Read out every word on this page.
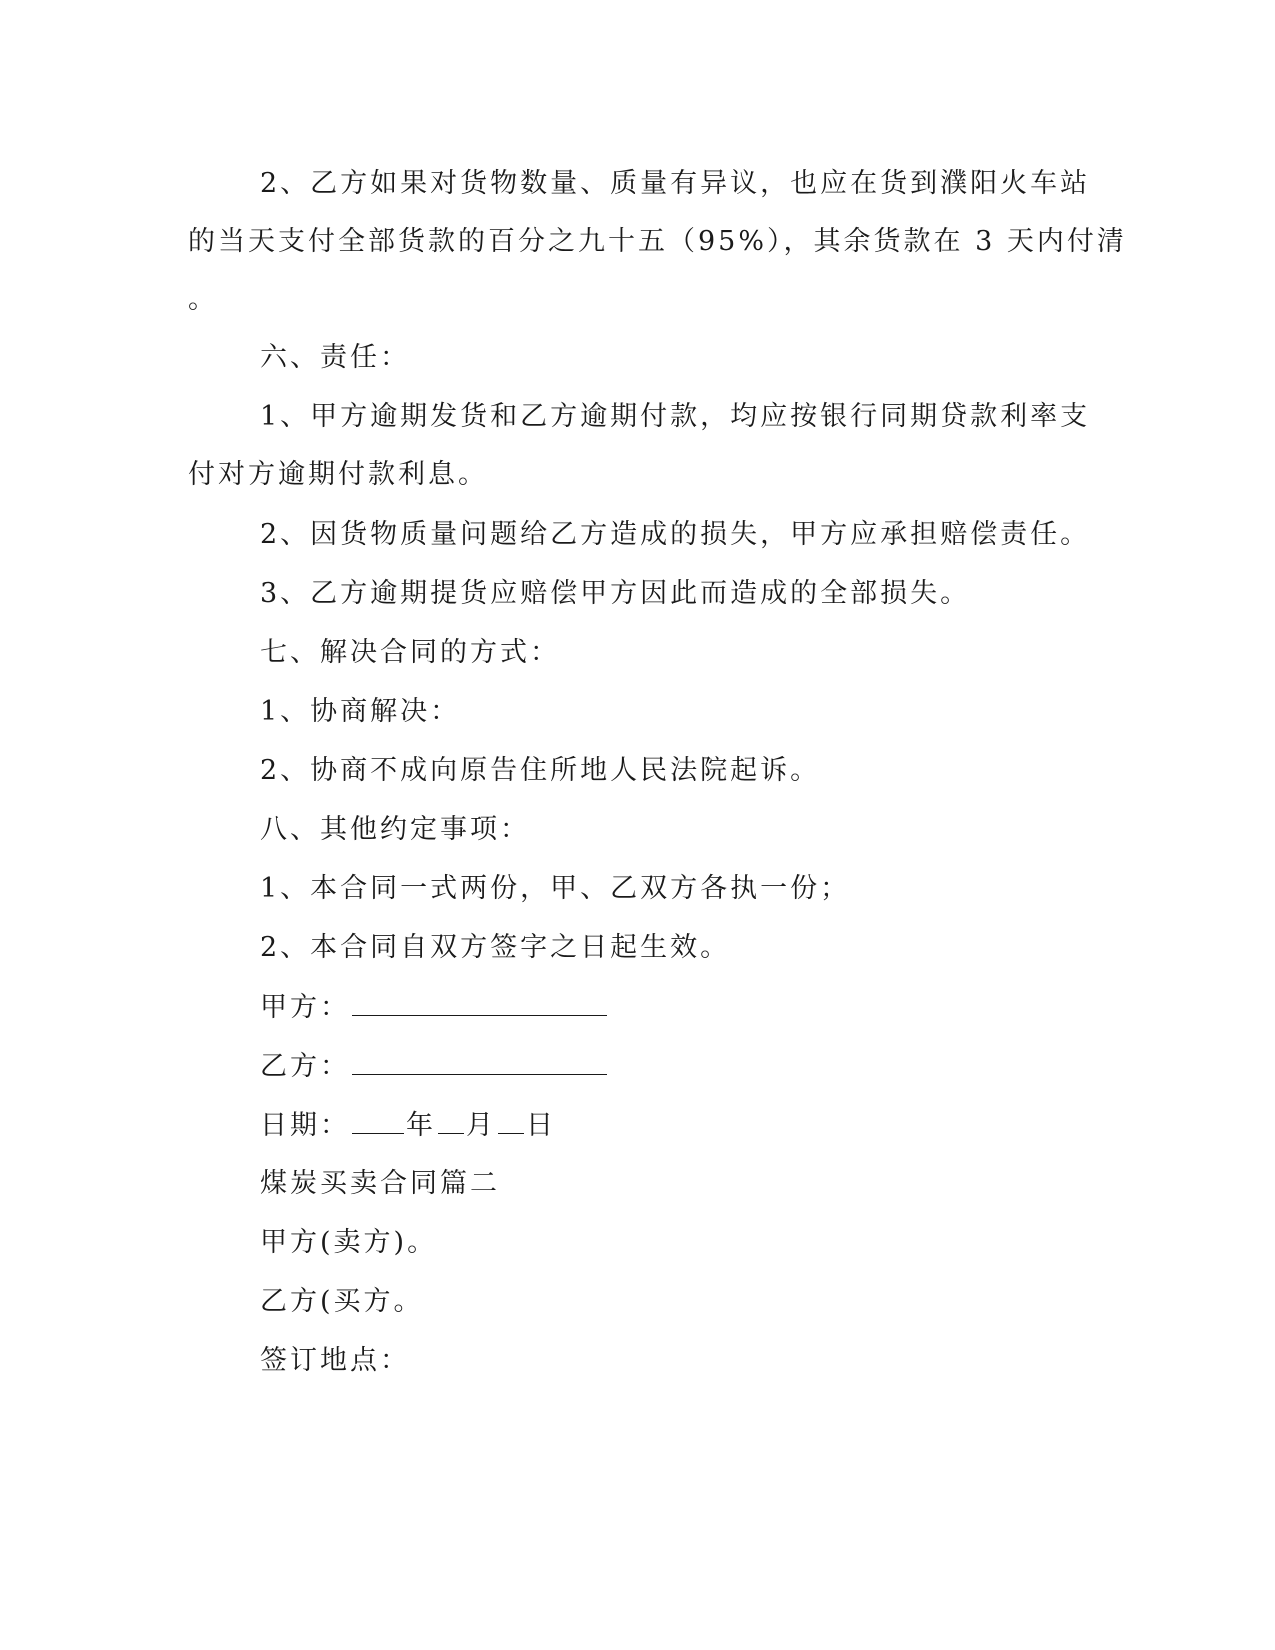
2、乙方如果对货物数量、质量有异议，也应在货到濮阳火车站
的当天支付全部货款的百分之九十五（95%），其余货款在 3 天内付清
。
六、责任：
1、甲方逾期发货和乙方逾期付款，均应按银行同期贷款利率支
付对方逾期付款利息。
2、因货物质量问题给乙方造成的损失，甲方应承担赔偿责任。
3、乙方逾期提货应赔偿甲方因此而造成的全部损失。
七、解决合同的方式：
1、协商解决：
2、协商不成向原告住所地人民法院起诉。
八、其他约定事项：
1、本合同一式两份，甲、乙双方各执一份；
2、本合同自双方签字之日起生效。
甲方：
乙方：
日期： 年 月 日
煤炭买卖合同篇二
甲方(卖方)。
乙方(买方。
签订地点：
